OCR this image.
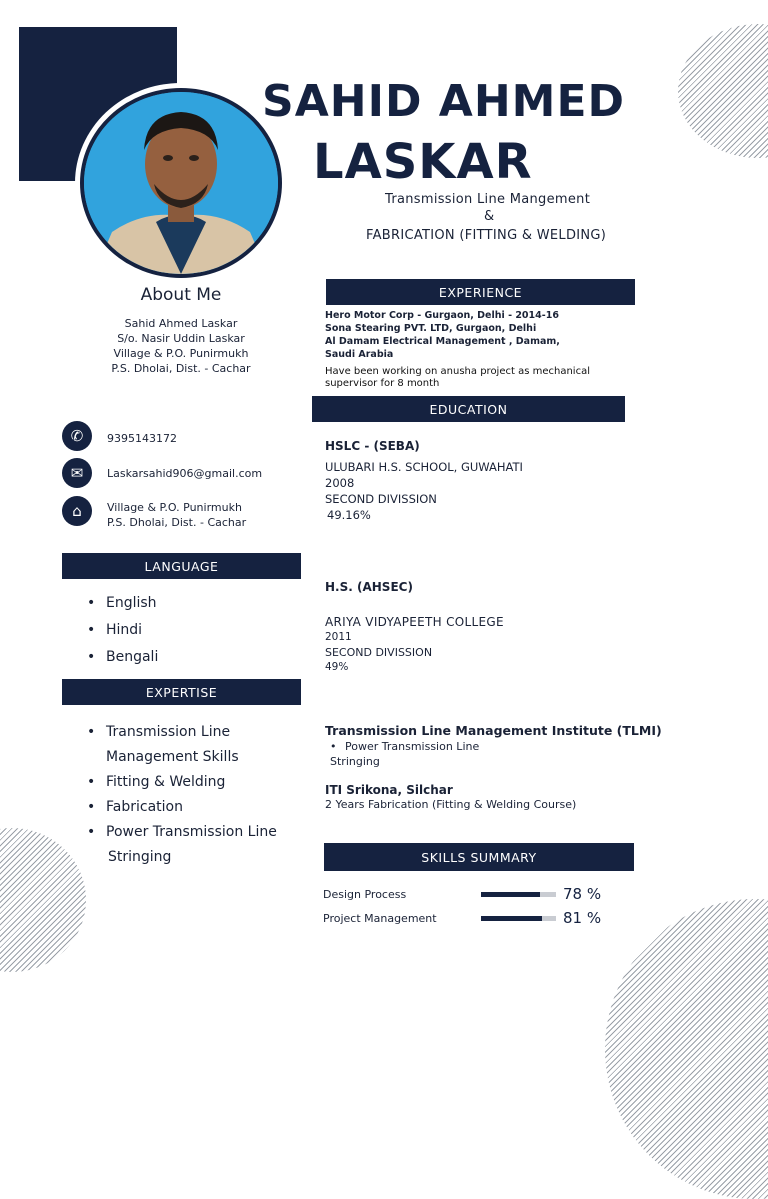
SAHID AHMED
LASKAR
Transmission Line Mangement
&
FABRICATION (FITTING & WELDING)
About Me
Sahid Ahmed Laskar
S/o. Nasir Uddin Laskar
Village & P.O. Punirmukh
P.S. Dholai, Dist. - Cachar
✆	9395143172
✉	Laskarsahid906@gmail.com
⌂	Village & P.O. Punirmukh
P.S. Dholai, Dist. - Cachar
LANGUAGE
• English
• Hindi
• Bengali
EXPERTISE
• Transmission Line
Management Skills
• Fitting & Welding
• Fabrication
• Power Transmission Line
Stringing
EXPERIENCE
Hero Motor Corp - Gurgaon, Delhi - 2014-16
Sona Stearing PVT. LTD, Gurgaon, Delhi
Al Damam Electrical Management , Damam,
Saudi Arabia
Have been working on anusha project as mechanical
supervisor for 8 month
EDUCATION
HSLC - (SEBA)
ULUBARI H.S. SCHOOL, GUWAHATI
2008
SECOND DIVISSION
49.16%
H.S. (AHSEC)
ARIYA VIDYAPEETH COLLEGE
2011
SECOND DIVISSION
49%
Transmission Line Management Institute (TLMI)
• Power Transmission Line
Stringing
ITI Srikona, Silchar
2 Years Fabrication (Fitting & Welding Course)
SKILLS SUMMARY
Design Process	78 %
Project Management	81 %
